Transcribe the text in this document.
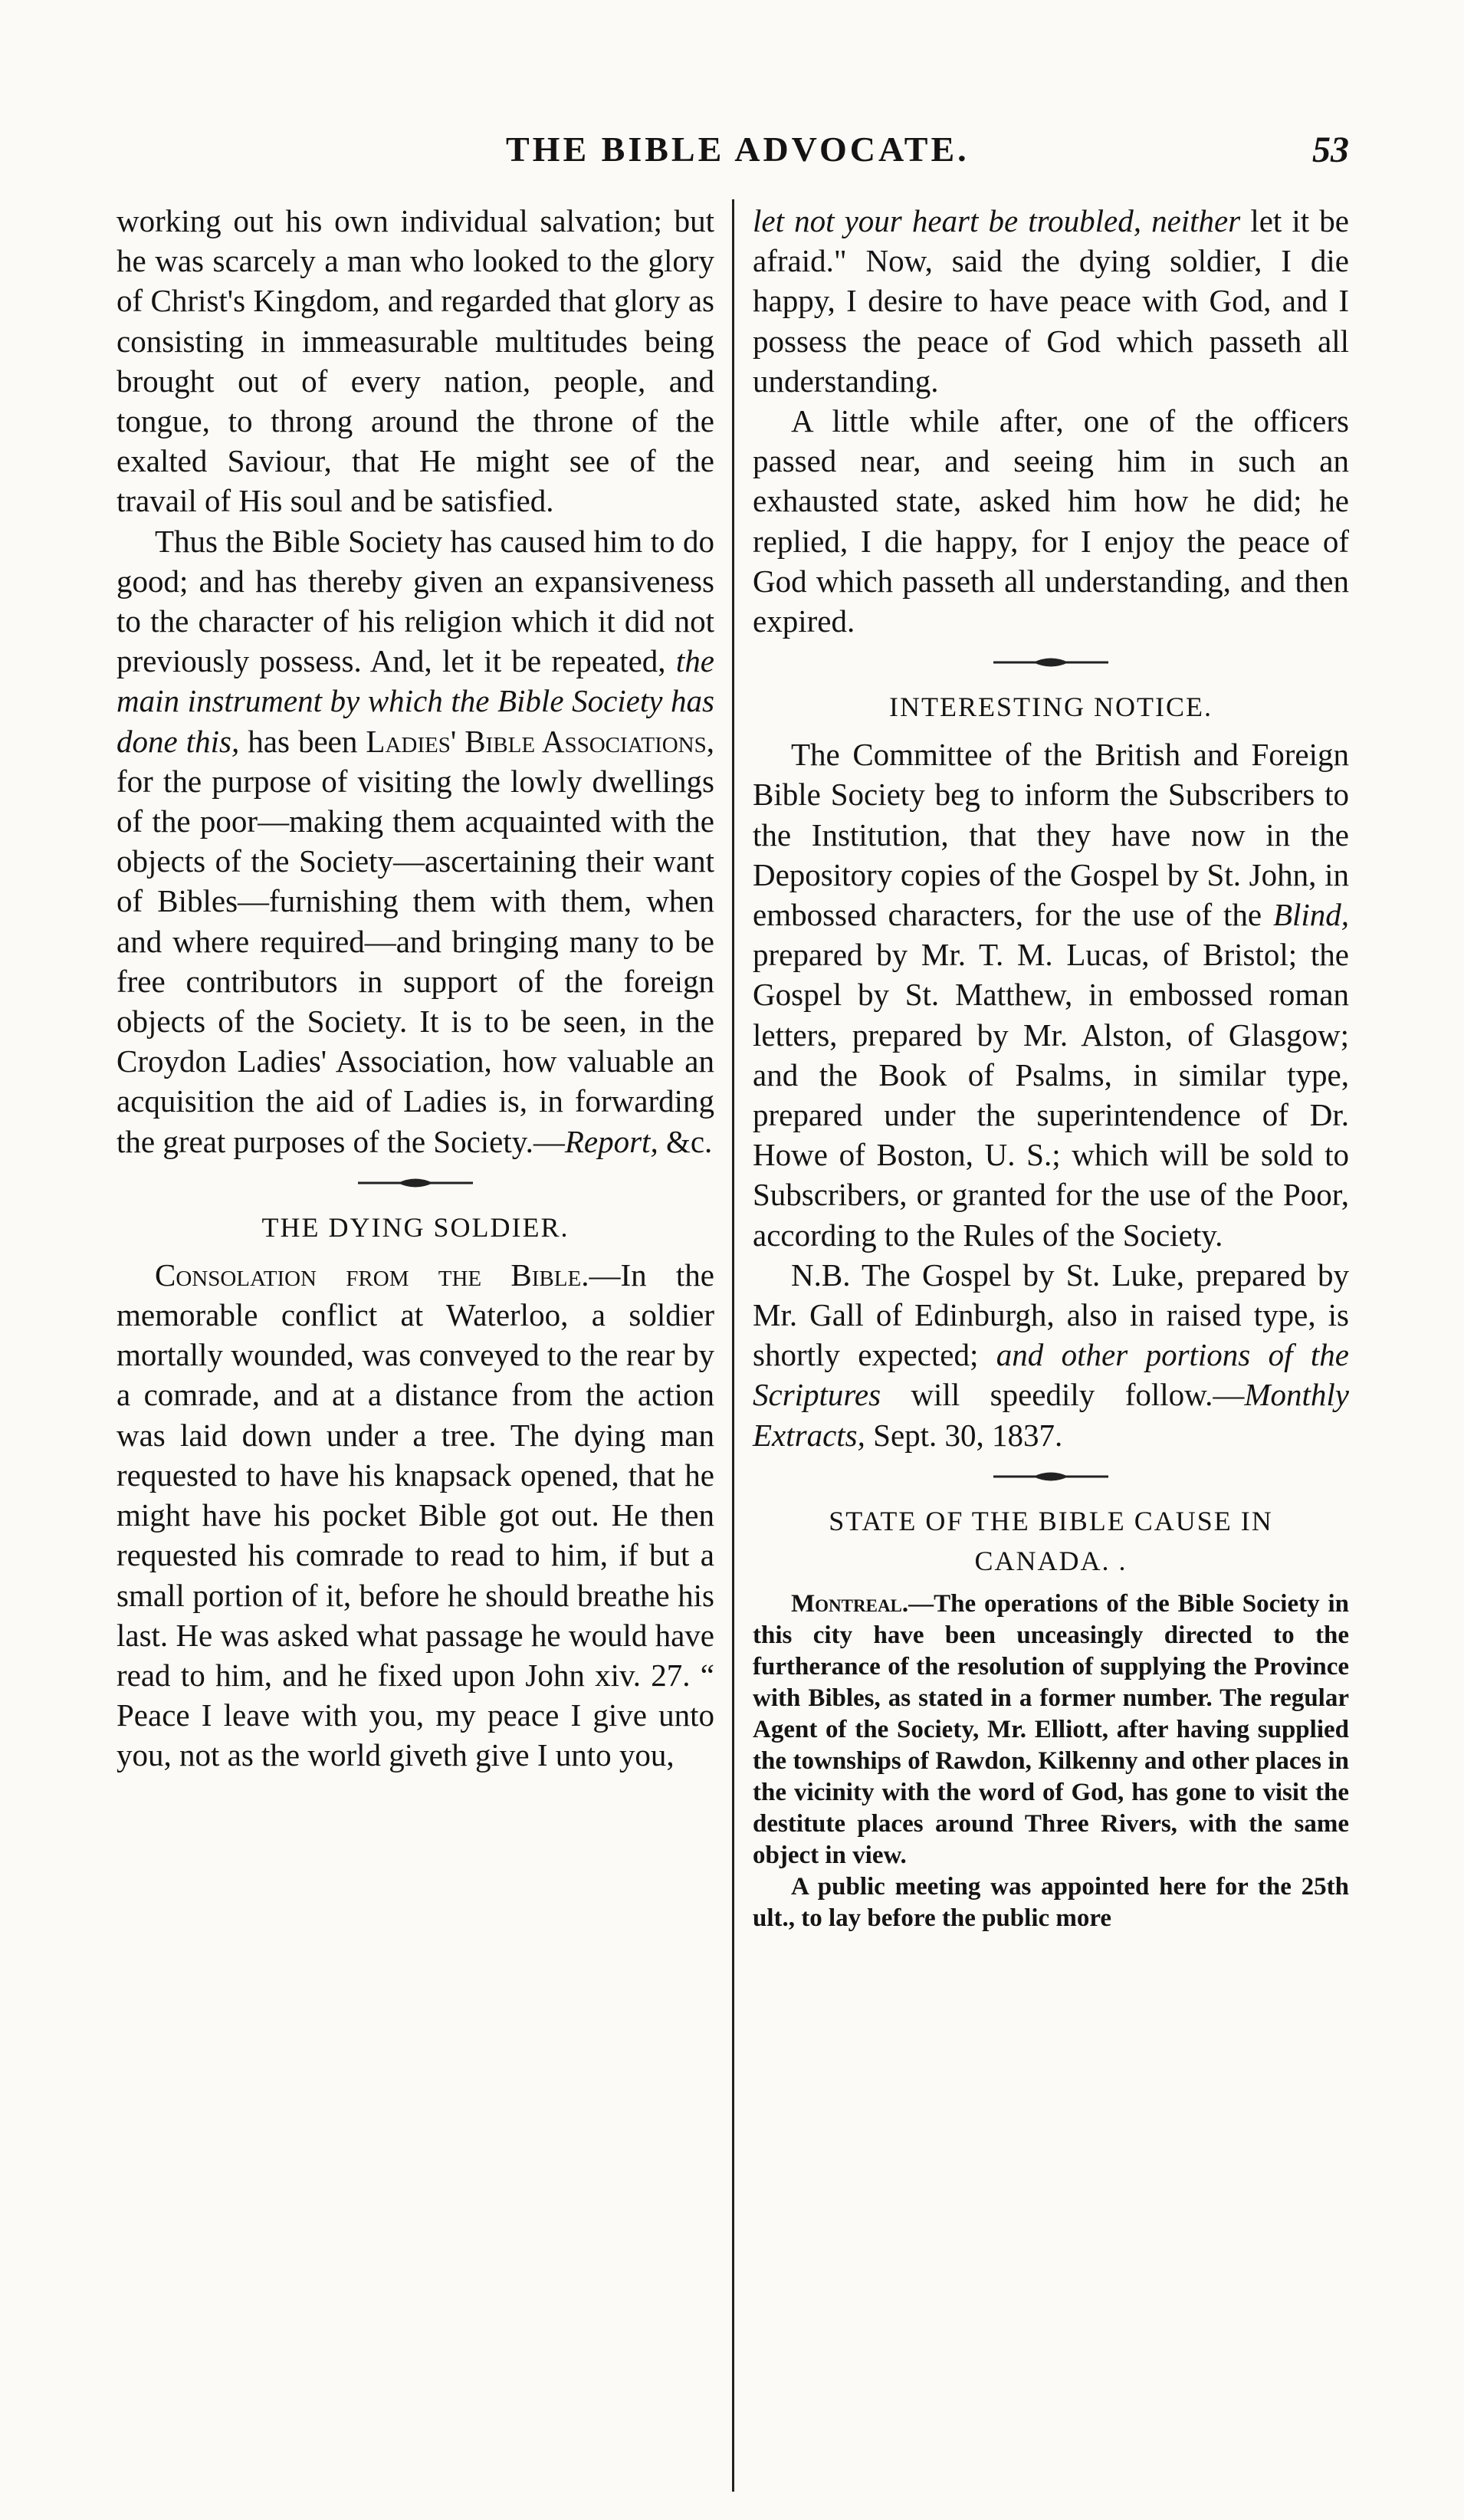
THE BIBLE ADVOCATE.	53

working out his own individual salvation; but he was scarcely a man who looked to the glory of Christ's Kingdom, and regarded that glory as consisting in immeasurable multitudes being brought out of every nation, people, and tongue, to throng around the throne of the exalted Saviour, that He might see of the travail of His soul and be satisfied.

Thus the Bible Society has caused him to do good; and has thereby given an expansiveness to the character of his religion which it did not previously possess. And, let it be repeated, the main instrument by which the Bible Society has done this, has been Ladies' Bible Associations, for the purpose of visiting the lowly dwellings of the poor—making them acquainted with the objects of the Society—ascertaining their want of Bibles—furnishing them with them, when and where required—and bringing many to be free contributors in support of the foreign objects of the Society. It is to be seen, in the Croydon Ladies' Association, how valuable an acquisition the aid of Ladies is, in forwarding the great purposes of the Society.—Report, &c.

THE DYING SOLDIER.

Consolation from the Bible.—In the memorable conflict at Waterloo, a soldier mortally wounded, was conveyed to the rear by a comrade, and at a distance from the action was laid down under a tree. The dying man requested to have his knapsack opened, that he might have his pocket Bible got out. He then requested his comrade to read to him, if but a small portion of it, before he should breathe his last. He was asked what passage he would have read to him, and he fixed upon John xiv. 27. “ Peace I leave with you, my peace I give unto you, not as the world giveth give I unto you,

let not your heart be troubled, neither let it be afraid." Now, said the dying soldier, I die happy, I desire to have peace with God, and I possess the peace of God which passeth all understanding.

A little while after, one of the officers passed near, and seeing him in such an exhausted state, asked him how he did; he replied, I die happy, for I enjoy the peace of God which passeth all understanding, and then expired.

INTERESTING NOTICE.

The Committee of the British and Foreign Bible Society beg to inform the Subscribers to the Institution, that they have now in the Depository copies of the Gospel by St. John, in embossed characters, for the use of the Blind, prepared by Mr. T. M. Lucas, of Bristol; the Gospel by St. Matthew, in embossed roman letters, prepared by Mr. Alston, of Glasgow; and the Book of Psalms, in similar type, prepared under the superintendence of Dr. Howe of Boston, U. S.; which will be sold to Subscribers, or granted for the use of the Poor, according to the Rules of the Society.

N.B. The Gospel by St. Luke, prepared by Mr. Gall of Edinburgh, also in raised type, is shortly expected; and other portions of the Scriptures will speedily follow.—Monthly Extracts, Sept. 30, 1837.

STATE OF THE BIBLE CAUSE IN
CANADA. .

Montreal.—The operations of the Bible Society in this city have been unceasingly directed to the furtherance of the resolution of supplying the Province with Bibles, as stated in a former number. The regular Agent of the Society, Mr. Elliott, after having supplied the townships of Rawdon, Kilkenny and other places in the vicinity with the word of God, has gone to visit the destitute places around Three Rivers, with the same object in view.

A public meeting was appointed here for the 25th ult., to lay before the public more
